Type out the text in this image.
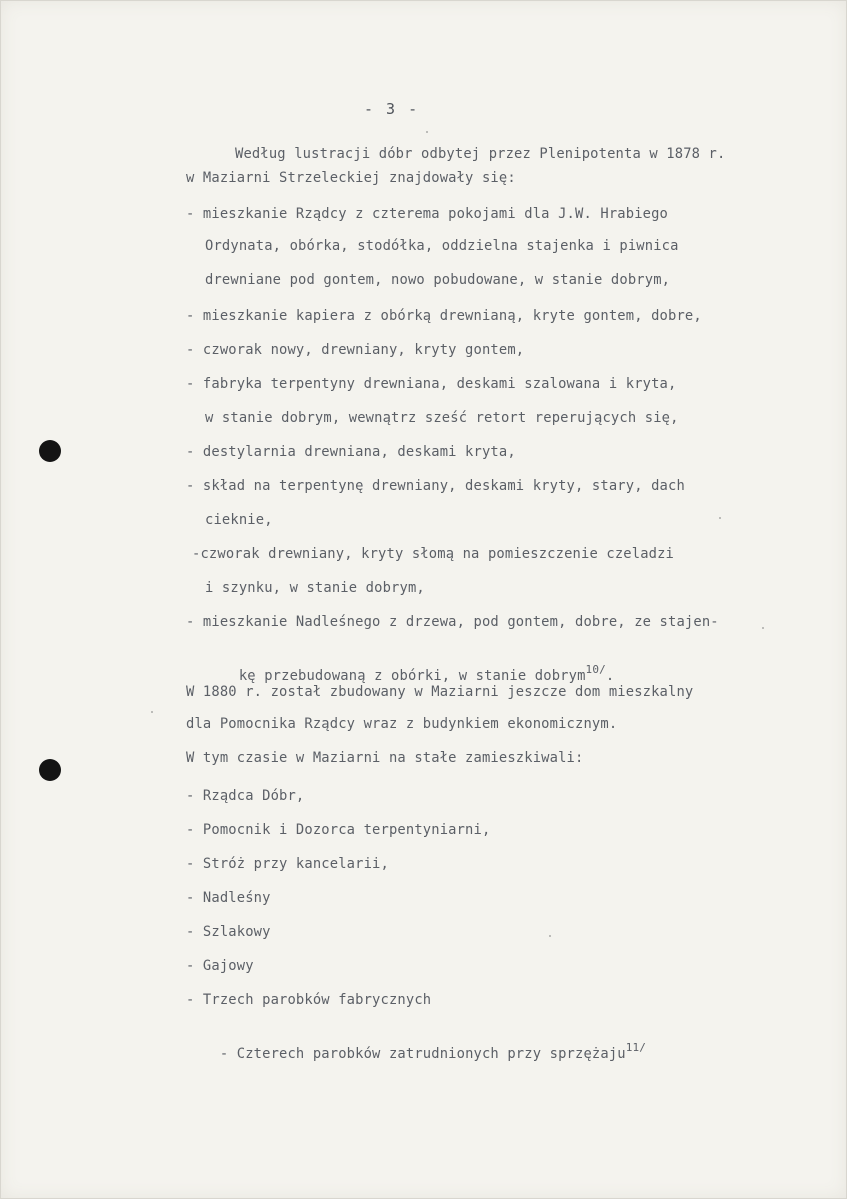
- 3 -
Według lustracji dóbr odbytej przez Plenipotenta w 1878 r.
w Maziarni Strzeleckiej znajdowały się:
- mieszkanie Rządcy z czterema pokojami dla J.W. Hrabiego
Ordynata, obórka, stodółka, oddzielna stajenka i piwnica
drewniane pod gontem, nowo pobudowane, w stanie dobrym,
- mieszkanie kapiera z obórką drewnianą, kryte gontem, dobre,
- czworak nowy, drewniany, kryty gontem,
- fabryka terpentyny drewniana, deskami szalowana i kryta,
w stanie dobrym, wewnątrz sześć retort reperujących się,
- destylarnia drewniana, deskami kryta,
- skład na terpentynę drewniany, deskami kryty, stary, dach
cieknie,
-czworak drewniany, kryty słomą na pomieszczenie czeladzi
i szynku, w stanie dobrym,
- mieszkanie Nadleśnego z drzewa, pod gontem, dobre, ze stajen-

kę przebudowaną z obórki, w stanie dobrym$^{10/}$.

W 1880 r. został zbudowany w Maziarni jeszcze dom mieszkalny
dla Pomocnika Rządcy wraz z budynkiem ekonomicznym.
W tym czasie w Maziarni na stałe zamieszkiwali:
- Rządca Dóbr,
- Pomocnik i Dozorca terpentyniarni,
- Stróż przy kancelarii,
- Nadleśny
- Szlakowy
- Gajowy
- Trzech parobków fabrycznych

- Czterech parobków zatrudnionych przy sprzężaju$^{11/}$
